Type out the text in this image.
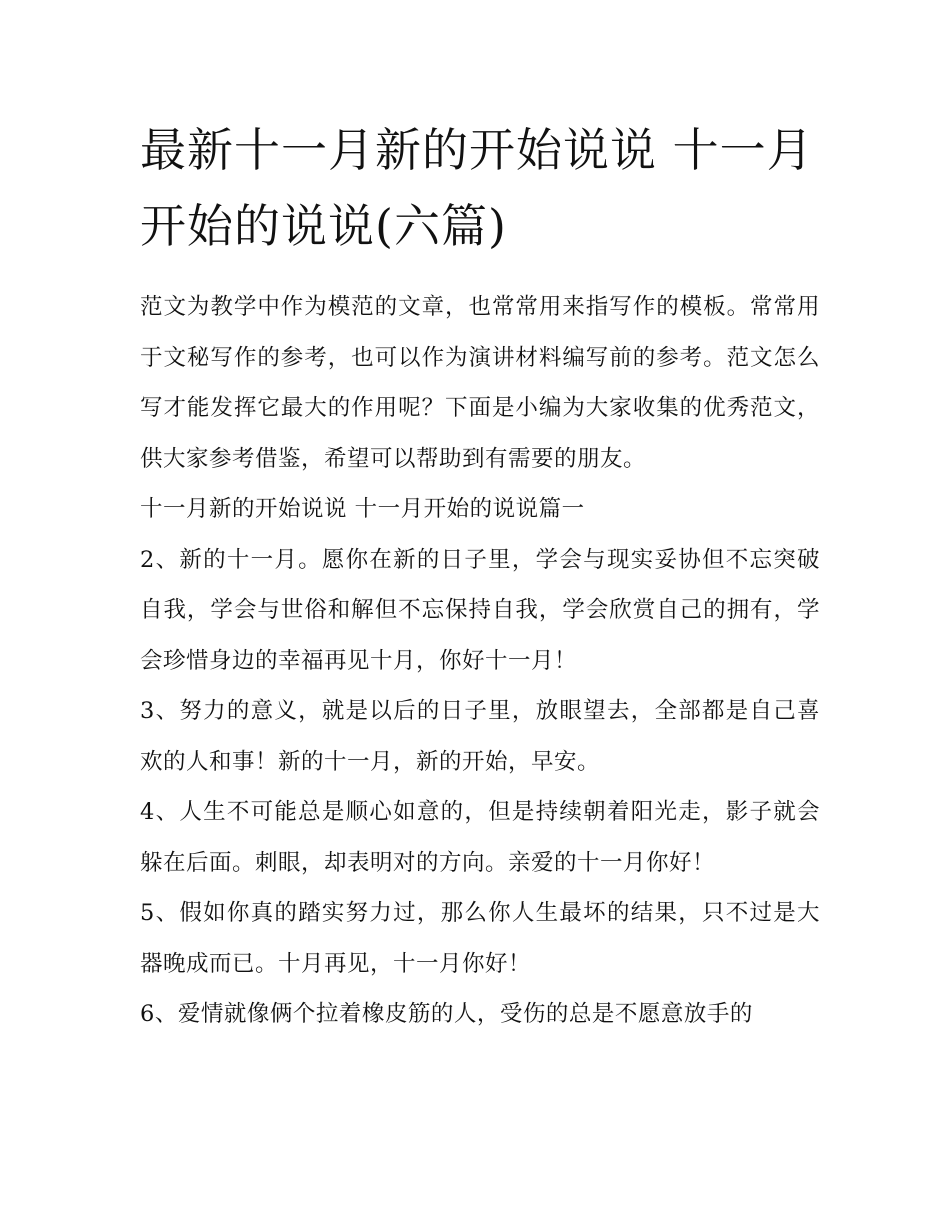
最新十一月新的开始说说 十一月开始的说说(六篇)

范文为教学中作为模范的文章，也常常用来指写作的模板。常常用于文秘写作的参考，也可以作为演讲材料编写前的参考。范文怎么写才能发挥它最大的作用呢？下面是小编为大家收集的优秀范文，供大家参考借鉴，希望可以帮助到有需要的朋友。

十一月新的开始说说 十一月开始的说说篇一

2、新的十一月。愿你在新的日子里，学会与现实妥协但不忘突破自我，学会与世俗和解但不忘保持自我，学会欣赏自己的拥有，学会珍惜身边的幸福再见十月，你好十一月！

3、努力的意义，就是以后的日子里，放眼望去，全部都是自己喜欢的人和事！新的十一月，新的开始，早安。

4、人生不可能总是顺心如意的，但是持续朝着阳光走，影子就会躲在后面。刺眼，却表明对的方向。亲爱的十一月你好！

5、假如你真的踏实努力过，那么你人生最坏的结果，只不过是大器晚成而已。十月再见，十一月你好！

6、爱情就像俩个拉着橡皮筋的人，受伤的总是不愿意放手的
